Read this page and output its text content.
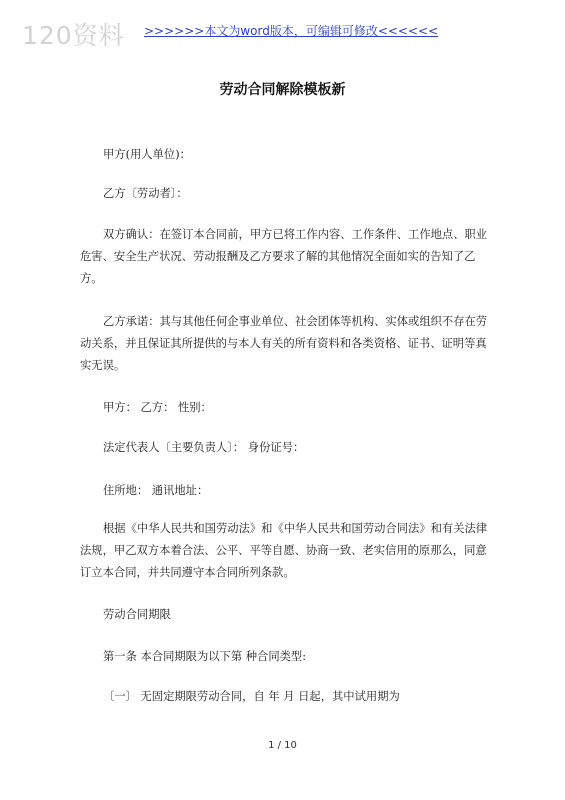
120资料 >>>>>>本文为word版本，可编辑可修改<<<<<<
劳动合同解除模板新
甲方(用人单位)：
乙方〔劳动者〕：
双方确认：在签订本合同前，甲方已将工作内容、工作条件、工作地点、职业危害、安全生产状况、劳动报酬及乙方要求了解的其他情况全面如实的告知了乙方。
乙方承诺：其与其他任何企事业单位、社会团体等机构、实体或组织不存在劳动关系，并且保证其所提供的与本人有关的所有资料和各类资格、证书、证明等真实无误。
甲方： 乙方： 性别：
法定代表人〔主要负责人〕： 身份证号：
住所地： 通讯地址：
根据《中华人民共和国劳动法》和《中华人民共和国劳动合同法》和有关法律法规，甲乙双方本着合法、公平、平等自愿、协商一致、老实信用的原那么，同意订立本合同，并共同遵守本合同所列条款。
劳动合同期限
第一条 本合同期限为以下第 种合同类型:
〔一〕 无固定期限劳动合同，自 年 月 日起，其中试用期为
1 / 10
